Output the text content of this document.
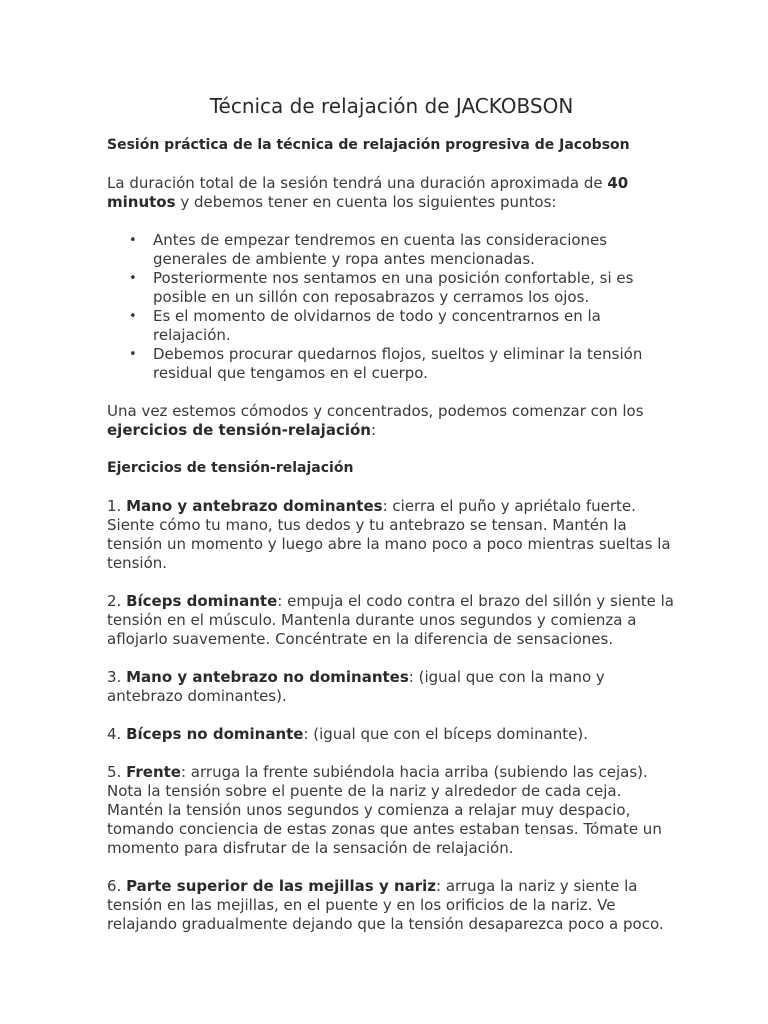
Técnica de relajación de JACKOBSON

Sesión práctica de la técnica de relajación progresiva de Jacobson

La duración total de la sesión tendrá una duración aproximada de 40 minutos y debemos tener en cuenta los siguientes puntos:

• Antes de empezar tendremos en cuenta las consideraciones generales de ambiente y ropa antes mencionadas.
• Posteriormente nos sentamos en una posición confortable, si es posible en un sillón con reposabrazos y cerramos los ojos.
• Es el momento de olvidarnos de todo y concentrarnos en la relajación.
• Debemos procurar quedarnos flojos, sueltos y eliminar la tensión residual que tengamos en el cuerpo.

Una vez estemos cómodos y concentrados, podemos comenzar con los ejercicios de tensión-relajación:

Ejercicios de tensión-relajación

1. Mano y antebrazo dominantes: cierra el puño y apriétalo fuerte. Siente cómo tu mano, tus dedos y tu antebrazo se tensan. Mantén la tensión un momento y luego abre la mano poco a poco mientras sueltas la tensión.

2. Bíceps dominante: empuja el codo contra el brazo del sillón y siente la tensión en el músculo. Mantenla durante unos segundos y comienza a aflojarlo suavemente. Concéntrate en la diferencia de sensaciones.

3. Mano y antebrazo no dominantes: (igual que con la mano y antebrazo dominantes).

4. Bíceps no dominante: (igual que con el bíceps dominante).

5. Frente: arruga la frente subiéndola hacia arriba (subiendo las cejas). Nota la tensión sobre el puente de la nariz y alrededor de cada ceja. Mantén la tensión unos segundos y comienza a relajar muy despacio, tomando conciencia de estas zonas que antes estaban tensas. Tómate un momento para disfrutar de la sensación de relajación.

6. Parte superior de las mejillas y nariz: arruga la nariz y siente la tensión en las mejillas, en el puente y en los orificios de la nariz. Ve relajando gradualmente dejando que la tensión desaparezca poco a poco.
